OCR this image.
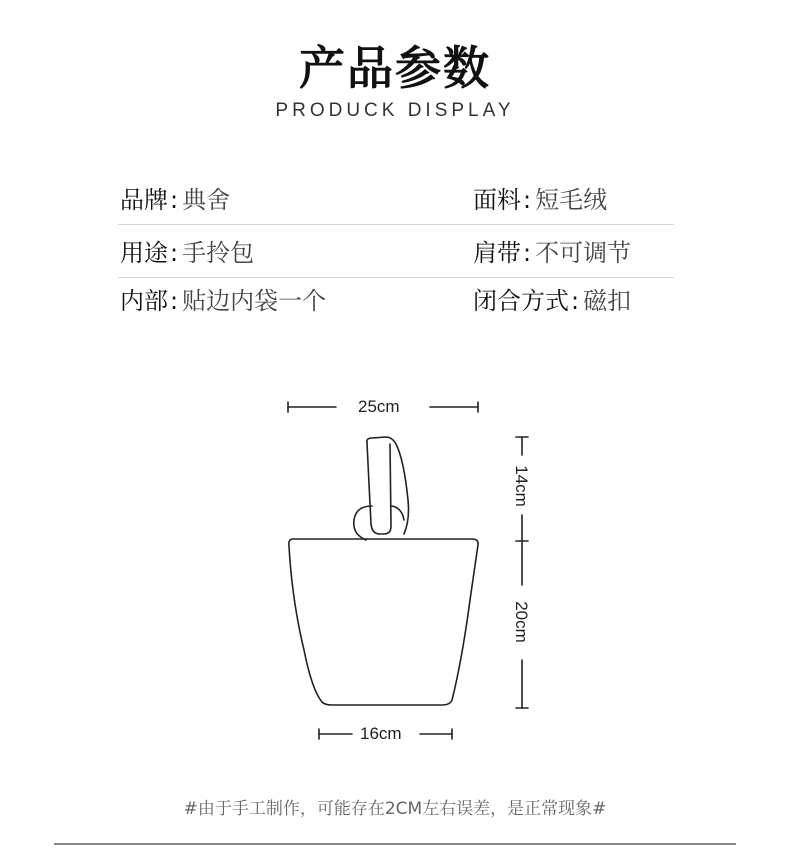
产品参数
PRODUCK DISPLAY
品牌: 典舍	面料: 短毛绒
用途: 手拎包	肩带: 不可调节
内部: 贴边内袋一个	闭合方式: 磁扣
25cm
14cm
20cm
16cm
#由于手工制作，可能存在2CM左右误差，是正常现象#
